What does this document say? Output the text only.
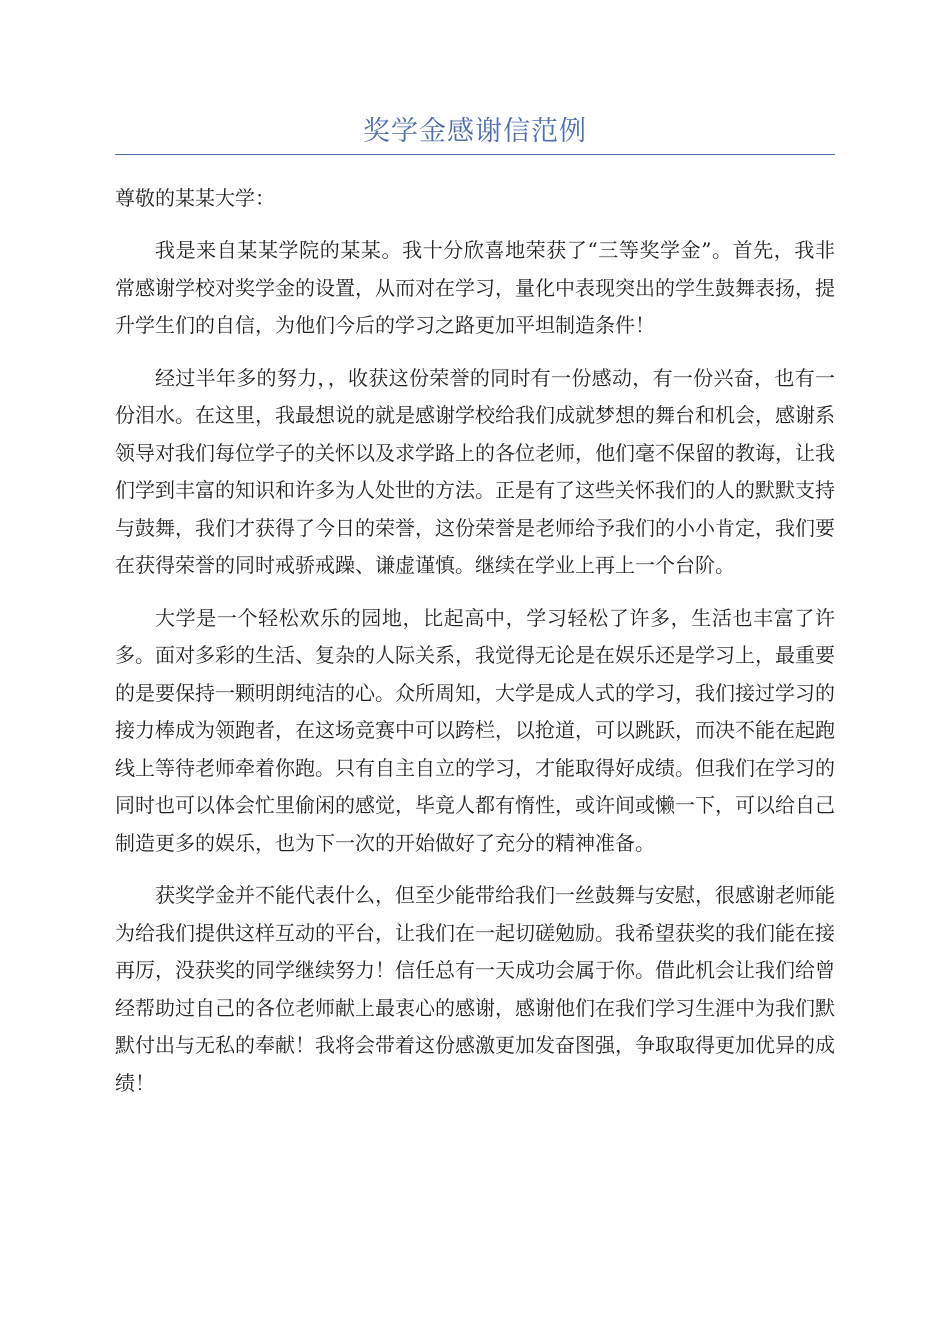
奖学金感谢信范例

尊敬的某某大学：

我是来自某某学院的某某。我十分欣喜地荣获了“三等奖学金”。首先，我非常感谢学校对奖学金的设置，从而对在学习，量化中表现突出的学生鼓舞表扬，提升学生们的自信，为他们今后的学习之路更加平坦制造条件！

经过半年多的努力，，收获这份荣誉的同时有一份感动，有一份兴奋，也有一份泪水。在这里，我最想说的就是感谢学校给我们成就梦想的舞台和机会，感谢系领导对我们每位学子的关怀以及求学路上的各位老师，他们毫不保留的教诲，让我们学到丰富的知识和许多为人处世的方法。正是有了这些关怀我们的人的默默支持与鼓舞，我们才获得了今日的荣誉，这份荣誉是老师给予我们的小小肯定，我们要在获得荣誉的同时戒骄戒躁、谦虚谨慎。继续在学业上再上一个台阶。

大学是一个轻松欢乐的园地，比起高中，学习轻松了许多，生活也丰富了许多。面对多彩的生活、复杂的人际关系，我觉得无论是在娱乐还是学习上，最重要的是要保持一颗明朗纯洁的心。众所周知，大学是成人式的学习，我们接过学习的接力棒成为领跑者，在这场竞赛中可以跨栏，以抢道，可以跳跃，而决不能在起跑线上等待老师牵着你跑。只有自主自立的学习，才能取得好成绩。但我们在学习的同时也可以体会忙里偷闲的感觉，毕竟人都有惰性，或许间或懒一下，可以给自己制造更多的娱乐，也为下一次的开始做好了充分的精神准备。

获奖学金并不能代表什么，但至少能带给我们一丝鼓舞与安慰，很感谢老师能为给我们提供这样互动的平台，让我们在一起切磋勉励。我希望获奖的我们能在接再厉，没获奖的同学继续努力！信任总有一天成功会属于你。借此机会让我们给曾经帮助过自己的各位老师献上最衷心的感谢，感谢他们在我们学习生涯中为我们默默付出与无私的奉献！我将会带着这份感激更加发奋图强，争取取得更加优异的成绩！
